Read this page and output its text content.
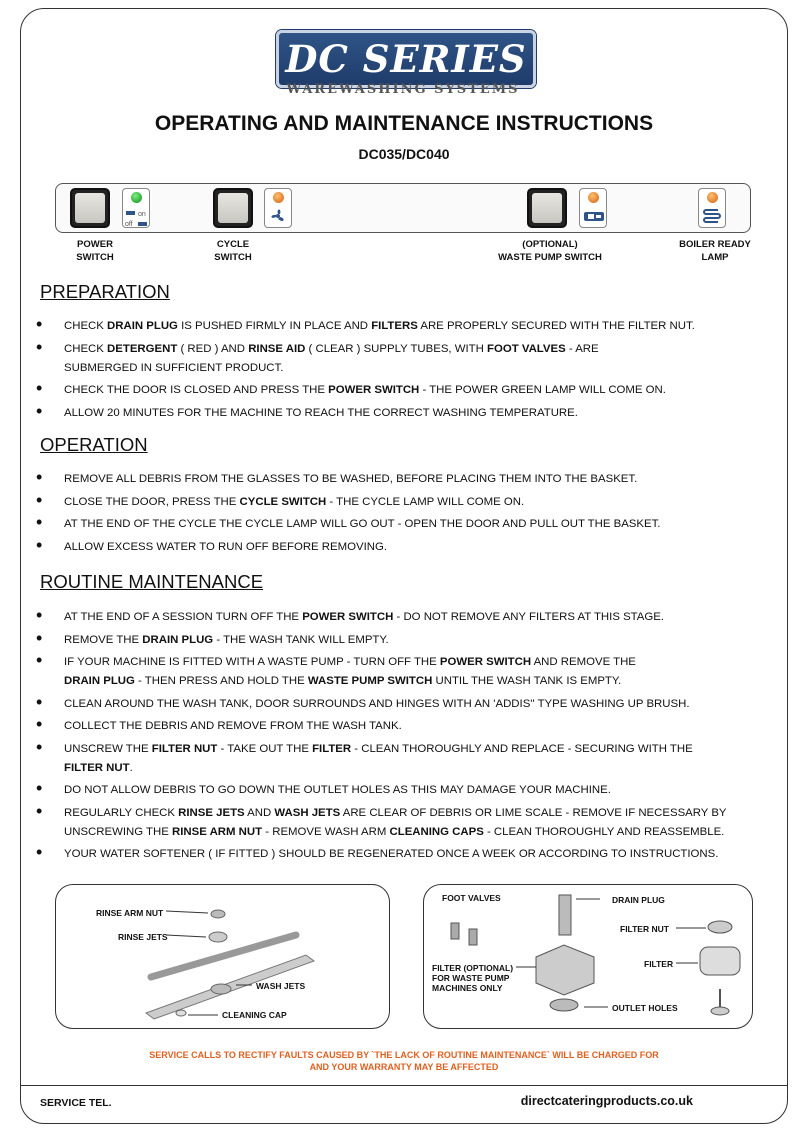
DC SERIES
WAREWASHING SYSTEMS
OPERATING AND MAINTENANCE INSTRUCTIONS
DC035/DC040
on
off
POWER
SWITCH
CYCLE
SWITCH
(OPTIONAL)
WASTE PUMP SWITCH
BOILER READY
LAMP
PREPARATION
• CHECK DRAIN PLUG IS PUSHED FIRMLY IN PLACE AND FILTERS ARE PROPERLY SECURED WITH THE FILTER NUT.
• CHECK DETERGENT ( RED ) AND RINSE AID ( CLEAR ) SUPPLY TUBES, WITH FOOT VALVES - ARE
SUBMERGED IN SUFFICIENT PRODUCT.
• CHECK THE DOOR IS CLOSED AND PRESS THE POWER SWITCH - THE POWER GREEN LAMP WILL COME ON.
• ALLOW 20 MINUTES FOR THE MACHINE TO REACH THE CORRECT WASHING TEMPERATURE.
OPERATION
• REMOVE ALL DEBRIS FROM THE GLASSES TO BE WASHED, BEFORE PLACING THEM INTO THE BASKET.
• CLOSE THE DOOR, PRESS THE CYCLE SWITCH - THE CYCLE LAMP WILL COME ON.
• AT THE END OF THE CYCLE THE CYCLE LAMP WILL GO OUT - OPEN THE DOOR AND PULL OUT THE BASKET.
• ALLOW EXCESS WATER TO RUN OFF BEFORE REMOVING.
ROUTINE MAINTENANCE
• AT THE END OF A SESSION TURN OFF THE POWER SWITCH - DO NOT REMOVE ANY FILTERS AT THIS STAGE.
• REMOVE THE DRAIN PLUG - THE WASH TANK WILL EMPTY.
• IF YOUR MACHINE IS FITTED WITH A WASTE PUMP - TURN OFF THE POWER SWITCH AND REMOVE THE
DRAIN PLUG - THEN PRESS AND HOLD THE WASTE PUMP SWITCH UNTIL THE WASH TANK IS EMPTY.
• CLEAN AROUND THE WASH TANK, DOOR SURROUNDS AND HINGES WITH AN 'ADDIS'' TYPE WASHING UP BRUSH.
• COLLECT THE DEBRIS AND REMOVE FROM THE WASH TANK.
• UNSCREW THE FILTER NUT - TAKE OUT THE FILTER - CLEAN THOROUGHLY AND REPLACE - SECURING WITH THE
FILTER NUT.
• DO NOT ALLOW DEBRIS TO GO DOWN THE OUTLET HOLES AS THIS MAY DAMAGE YOUR MACHINE.
• REGULARLY CHECK RINSE JETS AND WASH JETS ARE CLEAR OF DEBRIS OR LIME SCALE - REMOVE IF NECESSARY BY
UNSCREWING THE RINSE ARM NUT - REMOVE WASH ARM CLEANING CAPS - CLEAN THOROUGHLY AND REASSEMBLE.
• YOUR WATER SOFTENER ( IF FITTED ) SHOULD BE REGENERATED ONCE A WEEK OR ACCORDING TO INSTRUCTIONS.
RINSE ARM NUT
RINSE JETS
WASH JETS
CLEANING CAP
FOOT VALVES	DRAIN PLUG
FILTER NUT
FILTER
FILTER (OPTIONAL)
FOR WASTE PUMP
MACHINES ONLY
OUTLET HOLES
SERVICE CALLS TO RECTIFY FAULTS CAUSED BY `THE LACK OF ROUTINE MAINTENANCE` WILL BE CHARGED FOR
AND YOUR WARRANTY MAY BE AFFECTED
SERVICE TEL.	directcateringproducts.co.uk
